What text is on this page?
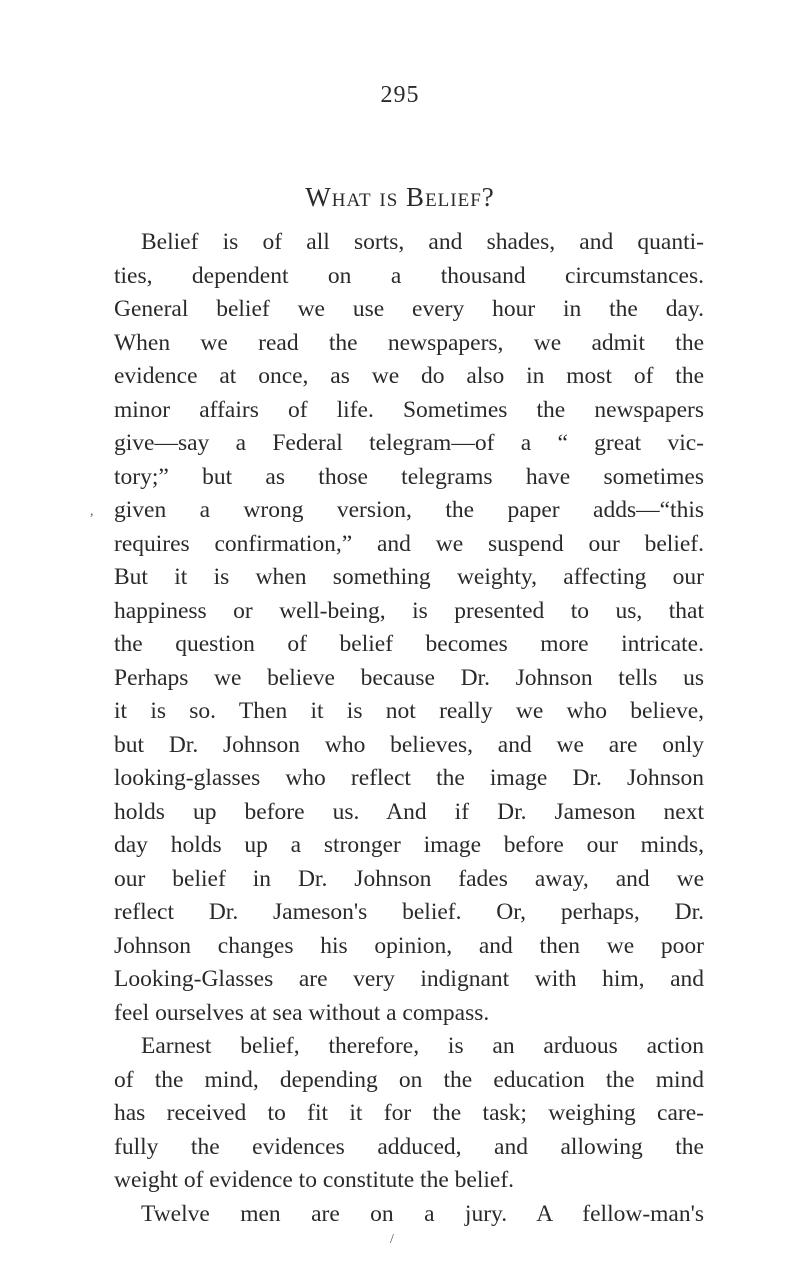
295
What is Belief?
Belief is of all sorts, and shades, and quanti-
ties, dependent on a thousand circumstances.
General belief we use every hour in the day.
When we read the newspapers, we admit the
evidence at once, as we do also in most of the
minor affairs of life. Sometimes the newspapers
give—say a Federal telegram—of a “ great vic-
tory;” but as those telegrams have sometimes
given a wrong version, the paper adds—“this
requires confirmation,” and we suspend our belief.
But it is when something weighty, affecting our
happiness or well-being, is presented to us, that
the question of belief becomes more intricate.
Perhaps we believe because Dr. Johnson tells us
it is so. Then it is not really we who believe,
but Dr. Johnson who believes, and we are only
looking-glasses who reflect the image Dr. Johnson
holds up before us. And if Dr. Jameson next
day holds up a stronger image before our minds,
our belief in Dr. Johnson fades away, and we
reflect Dr. Jameson's belief. Or, perhaps, Dr.
Johnson changes his opinion, and then we poor
Looking-Glasses are very indignant with him, and
feel ourselves at sea without a compass.
Earnest belief, therefore, is an arduous action
of the mind, depending on the education the mind
has received to fit it for the task; weighing care-
fully the evidences adduced, and allowing the
weight of evidence to constitute the belief.
Twelve men are on a jury. A fellow-man's
,
/
